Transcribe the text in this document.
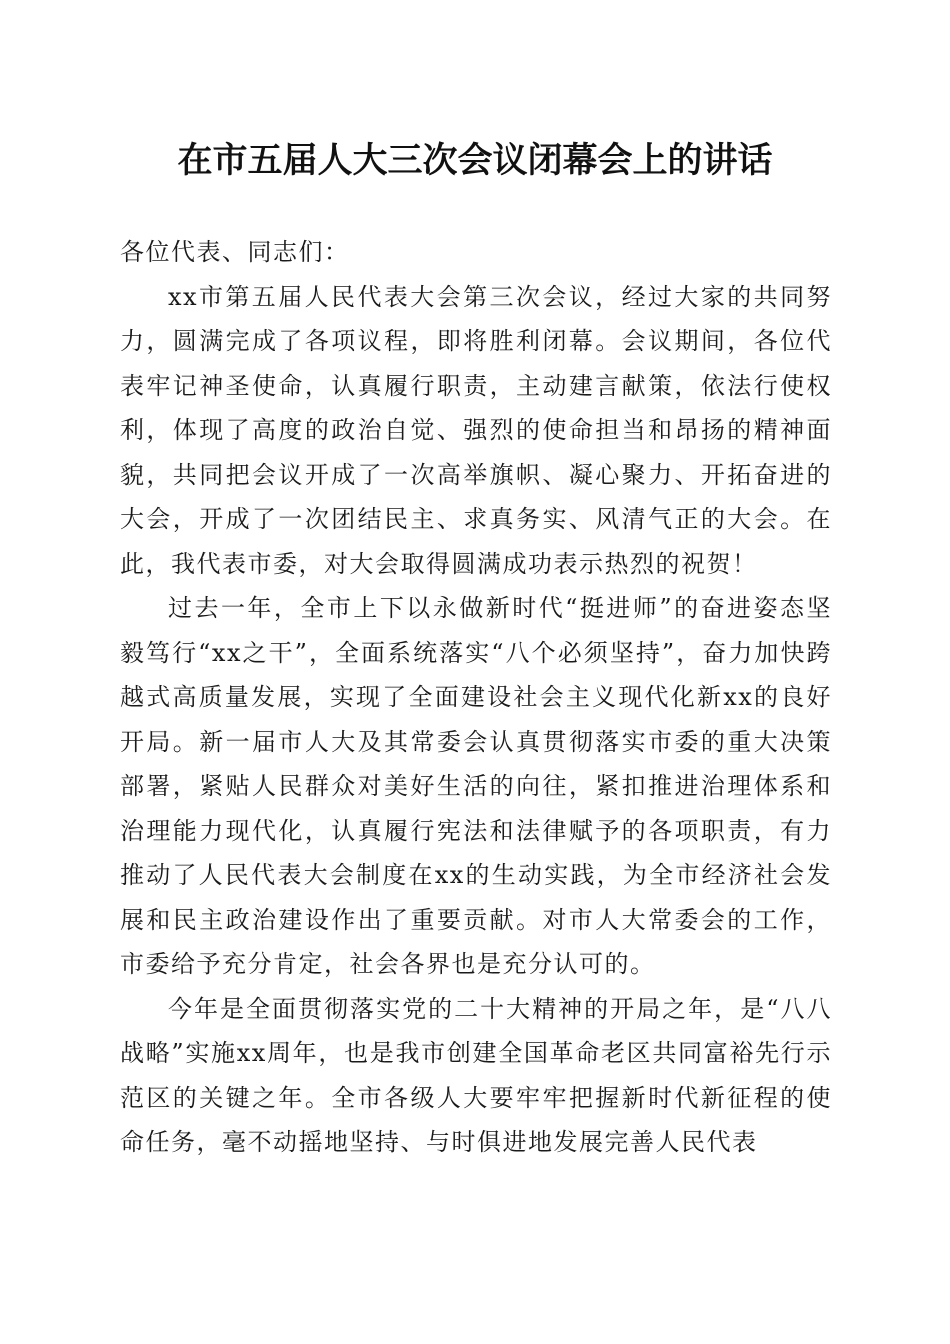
在市五届人大三次会议闭幕会上的讲话

各位代表、同志们：

xx市第五届人民代表大会第三次会议，经过大家的共同努力，圆满完成了各项议程，即将胜利闭幕。会议期间，各位代表牢记神圣使命，认真履行职责，主动建言献策，依法行使权利，体现了高度的政治自觉、强烈的使命担当和昂扬的精神面貌，共同把会议开成了一次高举旗帜、凝心聚力、开拓奋进的大会，开成了一次团结民主、求真务实、风清气正的大会。在此，我代表市委，对大会取得圆满成功表示热烈的祝贺！

过去一年，全市上下以永做新时代“挺进师”的奋进姿态坚毅笃行“xx之干”，全面系统落实“八个必须坚持”，奋力加快跨越式高质量发展，实现了全面建设社会主义现代化新xx的良好开局。新一届市人大及其常委会认真贯彻落实市委的重大决策部署，紧贴人民群众对美好生活的向往，紧扣推进治理体系和治理能力现代化，认真履行宪法和法律赋予的各项职责，有力推动了人民代表大会制度在xx的生动实践，为全市经济社会发展和民主政治建设作出了重要贡献。对市人大常委会的工作，市委给予充分肯定，社会各界也是充分认可的。

今年是全面贯彻落实党的二十大精神的开局之年，是“八八战略”实施xx周年，也是我市创建全国革命老区共同富裕先行示范区的关键之年。全市各级人大要牢牢把握新时代新征程的使命任务，毫不动摇地坚持、与时俱进地发展完善人民代表
